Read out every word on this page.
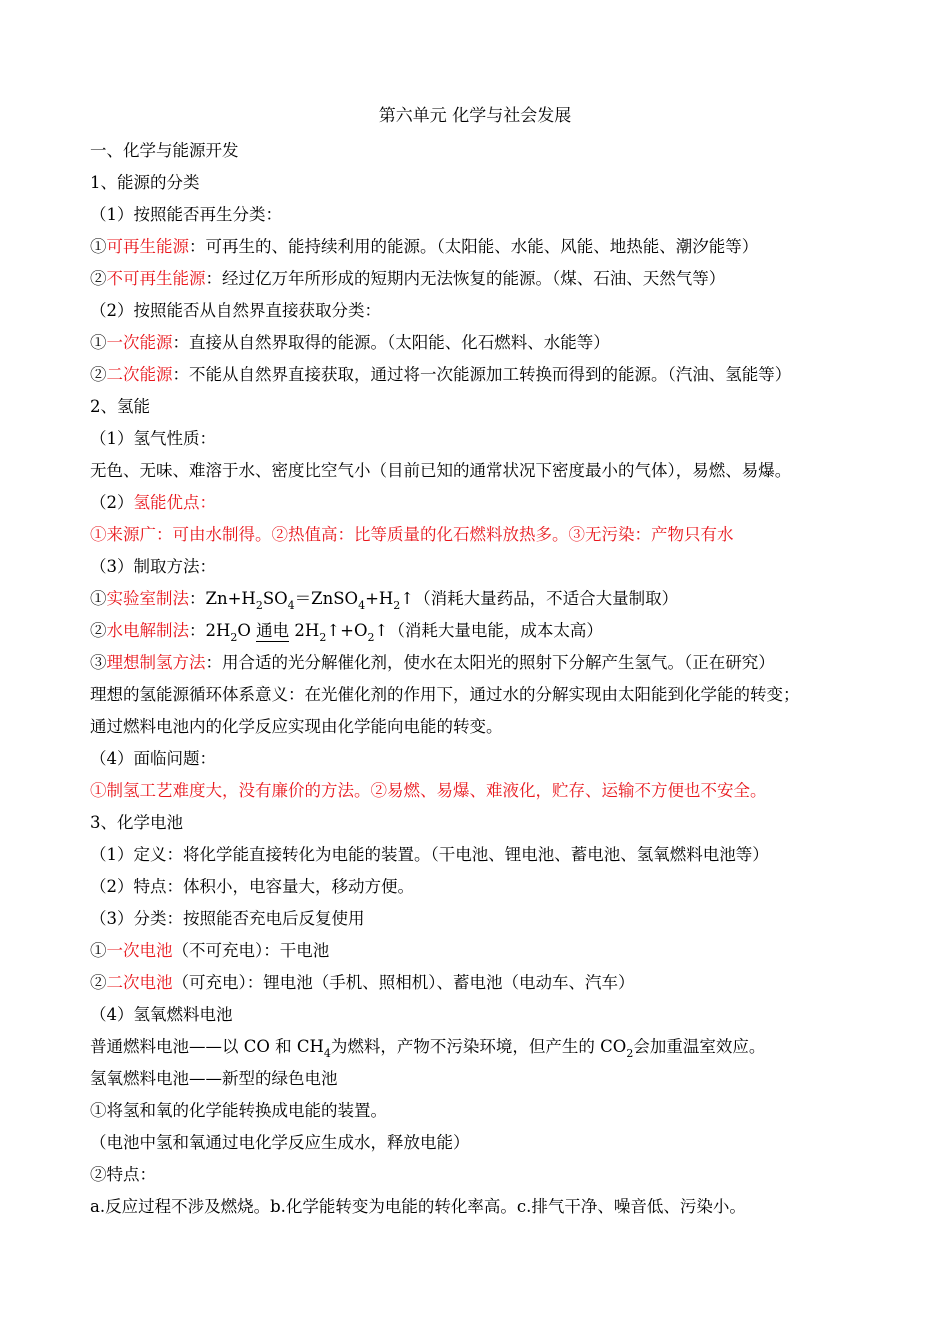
第六单元 化学与社会发展
一、化学与能源开发
1、能源的分类
（1）按照能否再生分类：
①可再生能源：可再生的、能持续利用的能源。（太阳能、水能、风能、地热能、潮汐能等）
②不可再生能源：经过亿万年所形成的短期内无法恢复的能源。（煤、石油、天然气等）
（2）按照能否从自然界直接获取分类：
①一次能源：直接从自然界取得的能源。（太阳能、化石燃料、水能等）
②二次能源：不能从自然界直接获取，通过将一次能源加工转换而得到的能源。（汽油、氢能等）
2、氢能
（1）氢气性质：
无色、无味、难溶于水、密度比空气小（目前已知的通常状况下密度最小的气体），易燃、易爆。
（2）氢能优点：
①来源广：可由水制得。②热值高：比等质量的化石燃料放热多。③无污染：产物只有水
（3）制取方法：
①实验室制法：$Zn+H_2SO_4=ZnSO_4+H_2↑$（消耗大量药品，不适合大量制取）
②水电解制法：$2H_2O$ 通电 $2H_2↑+O_2↑$（消耗大量电能，成本太高）
③理想制氢方法：用合适的光分解催化剂，使水在太阳光的照射下分解产生氢气。（正在研究）
理想的氢能源循环体系意义：在光催化剂的作用下，通过水的分解实现由太阳能到化学能的转变；
通过燃料电池内的化学反应实现由化学能向电能的转变。
（4）面临问题：
①制氢工艺难度大，没有廉价的方法。②易燃、易爆、难液化，贮存、运输不方便也不安全。
3、化学电池
（1）定义：将化学能直接转化为电能的装置。（干电池、锂电池、蓄电池、氢氧燃料电池等）
（2）特点：体积小，电容量大，移动方便。
（3）分类：按照能否充电后反复使用
①一次电池（不可充电）：干电池
②二次电池（可充电）：锂电池（手机、照相机）、蓄电池（电动车、汽车）
（4）氢氧燃料电池
普通燃料电池——以 CO 和 $CH_4$为燃料，产物不污染环境，但产生的 $CO_2$会加重温室效应。
氢氧燃料电池——新型的绿色电池
①将氢和氧的化学能转换成电能的装置。
（电池中氢和氧通过电化学反应生成水，释放电能）
②特点：
a.反应过程不涉及燃烧。b.化学能转变为电能的转化率高。c.排气干净、噪音低、污染小。
